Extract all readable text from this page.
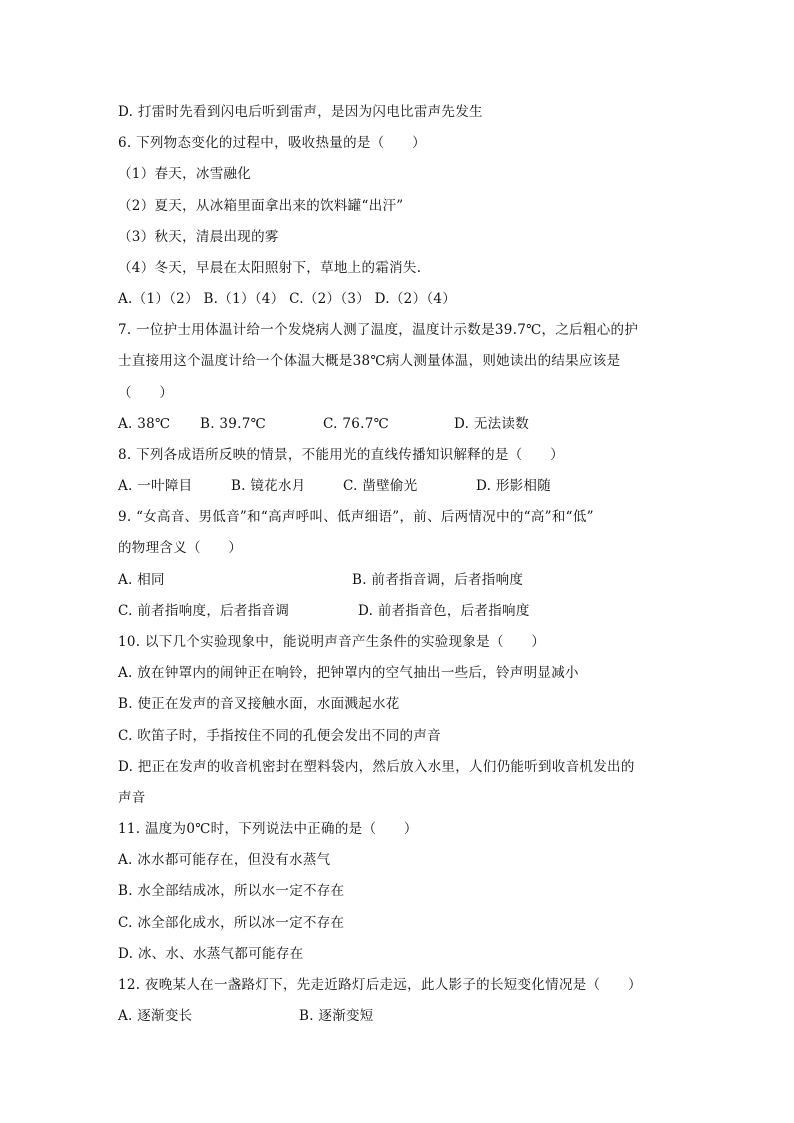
D. 打雷时先看到闪电后听到雷声，是因为闪电比雷声先发生
6. 下列物态变化的过程中，吸收热量的是（　　）
（1）春天，冰雪融化
（2）夏天，从冰箱里面拿出来的饮料罐“出汗”
（3）秋天，清晨出现的雾
（4）冬天，早晨在太阳照射下，草地上的霜消失.
A.（1）（2） B.（1）（4） C.（2）（3） D.（2）（4）
7. 一位护士用体温计给一个发烧病人测了温度，温度计示数是39.7℃，之后粗心的护
士直接用这个温度计给一个体温大概是38℃病人测量体温，则她读出的结果应该是
（　　）
A. 38℃ B. 39.7℃	C. 76.7℃	D. 无法读数
8. 下列各成语所反映的情景，不能用光的直线传播知识解释的是（　　）
A. 一叶障目	B. 镜花水月	C. 凿壁偷光	D. 形影相随
9. “女高音、男低音”和“高声呼叫、低声细语”，前、后两情况中的“高”和“低”
的物理含义（　　）
A. 相同	B. 前者指音调，后者指响度
C. 前者指响度，后者指音调	D. 前者指音色，后者指响度
10. 以下几个实验现象中，能说明声音产生条件的实验现象是（　　）
A. 放在钟罩内的闹钟正在响铃，把钟罩内的空气抽出一些后，铃声明显减小
B. 使正在发声的音叉接触水面，水面溅起水花
C. 吹笛子时，手指按住不同的孔便会发出不同的声音
D. 把正在发声的收音机密封在塑料袋内，然后放入水里，人们仍能听到收音机发出的
声音
11. 温度为0℃时，下列说法中正确的是（　　）
A. 冰水都可能存在，但没有水蒸气
B. 水全部结成冰，所以水一定不存在
C. 冰全部化成水，所以冰一定不存在
D. 冰、水、水蒸气都可能存在
12. 夜晚某人在一盏路灯下，先走近路灯后走远，此人影子的长短变化情况是（　　）
A. 逐渐变长	B. 逐渐变短
